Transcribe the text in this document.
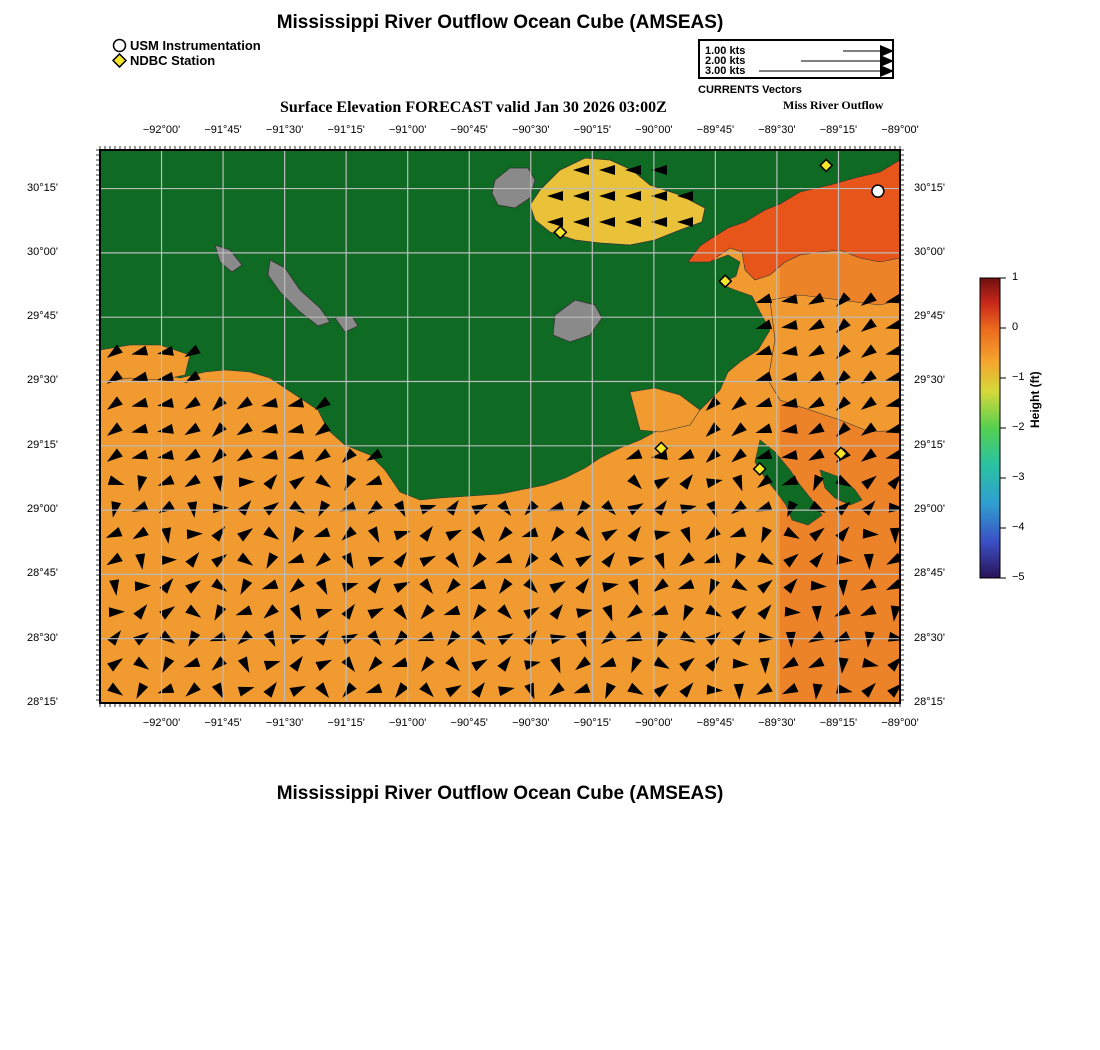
Mississippi River Outflow Ocean Cube (AMSEAS)
USM Instrumentation
NDBC Station
1.00 kts
2.00 kts
3.00 kts
CURRENTS Vectors
Surface Elevation FORECAST valid Jan 30 2026 03:00Z	Miss River Outflow
Height (ft)
Mississippi River Outflow Ocean Cube (AMSEAS)
−92°00'
−92°00'
−91°45'
−91°45'
−91°30'
−91°30'
−91°15'
−91°15'
−91°00'
−91°00'
−90°45'
−90°45'
−90°30'
−90°30'
−90°15'
−90°15'
−90°00'
−90°00'
−89°45'
−89°45'
−89°30'
−89°30'
−89°15'
−89°15'
−89°00'
−89°00'
30°15'	30°15'
30°00'	30°00'
29°45'	29°45'
29°30'	29°30'
29°15'	29°15'
29°00'	29°00'
28°45'	28°45'
28°30'	28°30'
28°15'	28°15'
1
0
−1
−2
−3
−4
−5
